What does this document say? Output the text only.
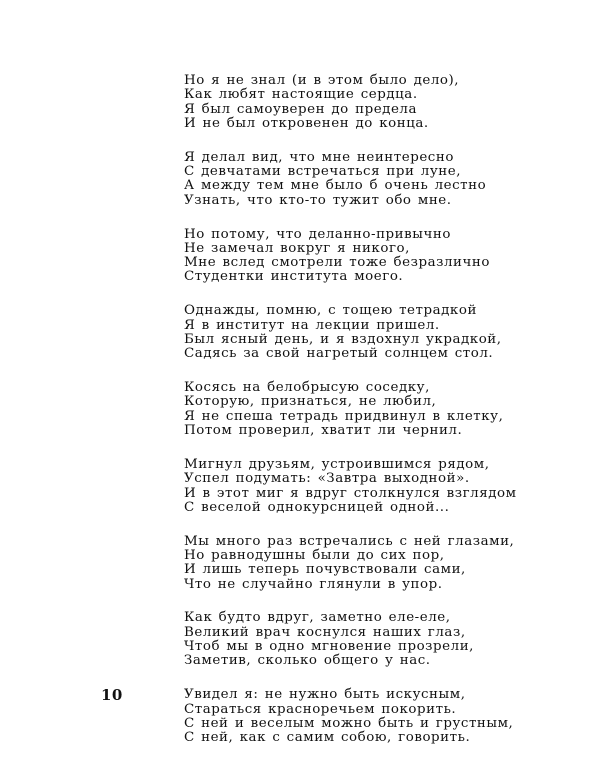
Но я не знал (и в этом было дело),
Как любят настоящие сердца.
Я был самоуверен до предела
И не был откровенен до конца.
Я делал вид, что мне неинтересно
С девчатами встречаться при луне,
А между тем мне было б очень лестно
Узнать, что кто-то тужит обо мне.
Но потому, что деланно-привычно
Не замечал вокруг я никого,
Мне вслед смотрели тоже безразлично
Студентки института моего.
Однажды, помню, с тощею тетрадкой
Я в институт на лекции пришел.
Был ясный день, и я вздохнул украдкой,
Садясь за свой нагретый солнцем стол.
Косясь на белобрысую соседку,
Которую, признаться, не любил,
Я не спеша тетрадь придвинул в клетку,
Потом проверил, хватит ли чернил.
Мигнул друзьям, устроившимся рядом,
Успел подумать: «Завтра выходной».
И в этот миг я вдруг столкнулся взглядом
С веселой однокурсницей одной...
Мы много раз встречались с ней глазами,
Но равнодушны были до сих пор,
И лишь теперь почувствовали сами,
Что не случайно глянули в упор.
Как будто вдруг, заметно еле-еле,
Великий врач коснулся наших глаз,
Чтоб мы в одно мгновение прозрели,
Заметив, сколько общего у нас.
Увидел я: не нужно быть искусным,
Стараться красноречьем покорить.
С ней и веселым можно быть и грустным,
С ней, как с самим собою, говорить.
10
